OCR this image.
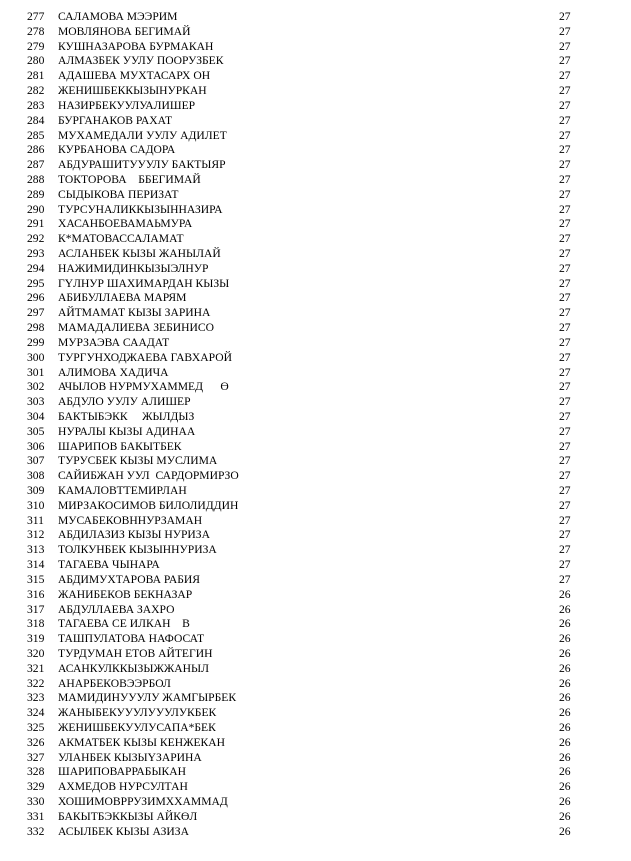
277 САЛАМОВА МЭЭРИМ	27
278 МОВЛЯНОВА БЕГИМАЙ	27
279 КУШНАЗАРОВА БУРМАКАН	27
280 АЛМАЗБЕК УУЛУ ПООРУЗБЕК	27
281 АДАШЕВА МУХТАСАРХ ОН	27
282 ЖЕНИШБЕККЫЗЫНУРКАН	27
283 НАЗИРБЕКУУЛУАЛИШЕР	27
284 БУРГАНАКОВ РАХАТ	27
285 МУХАМЕДАЛИ УУЛУ АДИЛЕТ	27
286 КУРБАНОВА САДОРА	27
287 АБДУРАШИТУУУЛУ БАКТЫЯР	27
288 ТОКТОРОВА    ББЕГИМАЙ	27
289 СЫДЫКОВА ПЕРИЗАТ	27
290 ТУРСУНАЛИККЫЗЫННАЗИРА	27
291 ХАСАНБОЕВАМАЬМУРА	27
292 К*МАТОВАССАЛАМАТ	27
293 АСЛАНБЕК КЫЗЫ ЖАНЫЛАЙ	27
294 НАЖИМИДИНКЫЗЫЭЛНУР	27
295 ГҮЛНУР ШАХИМАРДАН КЫЗЫ	27
296 АБИБУЛЛАЕВА МАРЯМ	27
297 АЙТМАМАТ КЫЗЫ ЗАРИНА	27
298 МАМАДАЛИЕВА ЗЕБИНИСО	27
299 МУРЗАЭВА СААДАТ	27
300 ТУРГУНХОДЖАЕВА ГАВХАРОЙ	27
301 АЛИМОВА ХАДИЧА	27
302 АЧЫЛОВ НУРМУХАММЕД      Ө	27
303 АБДУЛО УУЛУ АЛИШЕР	27
304 БАКТЫБЭКК     ЖЫЛДЫЗ	27
305 НУРАЛЫ КЫЗЫ АДИНАА	27
306 ШАРИПОВ БАКЫТБЕК	27
307 ТУРУСБЕК КЫЗЫ МУСЛИМА	27
308 САЙИБЖАН УУЛ  САРДОРМИРЗО	27
309 КАМАЛОВТТЕМИРЛАН	27
310 МИРЗАКОСИМОВ БИЛОЛИДДИН	27
311 МУСАБЕКОВННУРЗАМАН	27
312 АБДИЛАЗИЗ КЫЗЫ НУРИЗА	27
313 ТОЛКУНБЕК КЫЗЫННУРИЗА	27
314 ТАГАЕВА ЧЫНАРА	27
315 АБДИМУХТАРОВА РАБИЯ	27
316 ЖАНИБЕКОВ БЕКНАЗАР	26
317 АБДУЛЛАЕВА ЗАХРО	26
318 ТАГАЕВА СЕ ИЛКАН    В	26
319 ТАШПУЛАТОВА НАФОСАТ	26
320 ТУРДУМАН ЕТОВ АЙТЕГИН	26
321 АСАНКУЛККЫЗЫЖЖАНЫЛ	26
322 АНАРБЕКОВЭЭРБОЛ	26
323 МАМИДИНУУУЛУ ЖАМГЫРБЕК	26
324 ЖАНЫБЕКУУУЛУУУЛУКБЕК	26
325 ЖЕНИШБЕКУУЛУСАПА*БЕК	26
326 АКМАТБЕК КЫЗЫ КЕНЖЕКАН	26
327 УЛАНБЕК КЫЗЫҮЗАРИНА	26
328 ШАРИПОВАРРАБЫКАН	26
329 АХМЕДОВ НУРСУЛТАН	26
330 ХОШИМОВРРУЗИМХХАММАД	26
331 БАКЫТБЭККЫЗЫ АЙКӨЛ	26
332 АСЫЛБЕК КЫЗЫ АЗИЗА	26
